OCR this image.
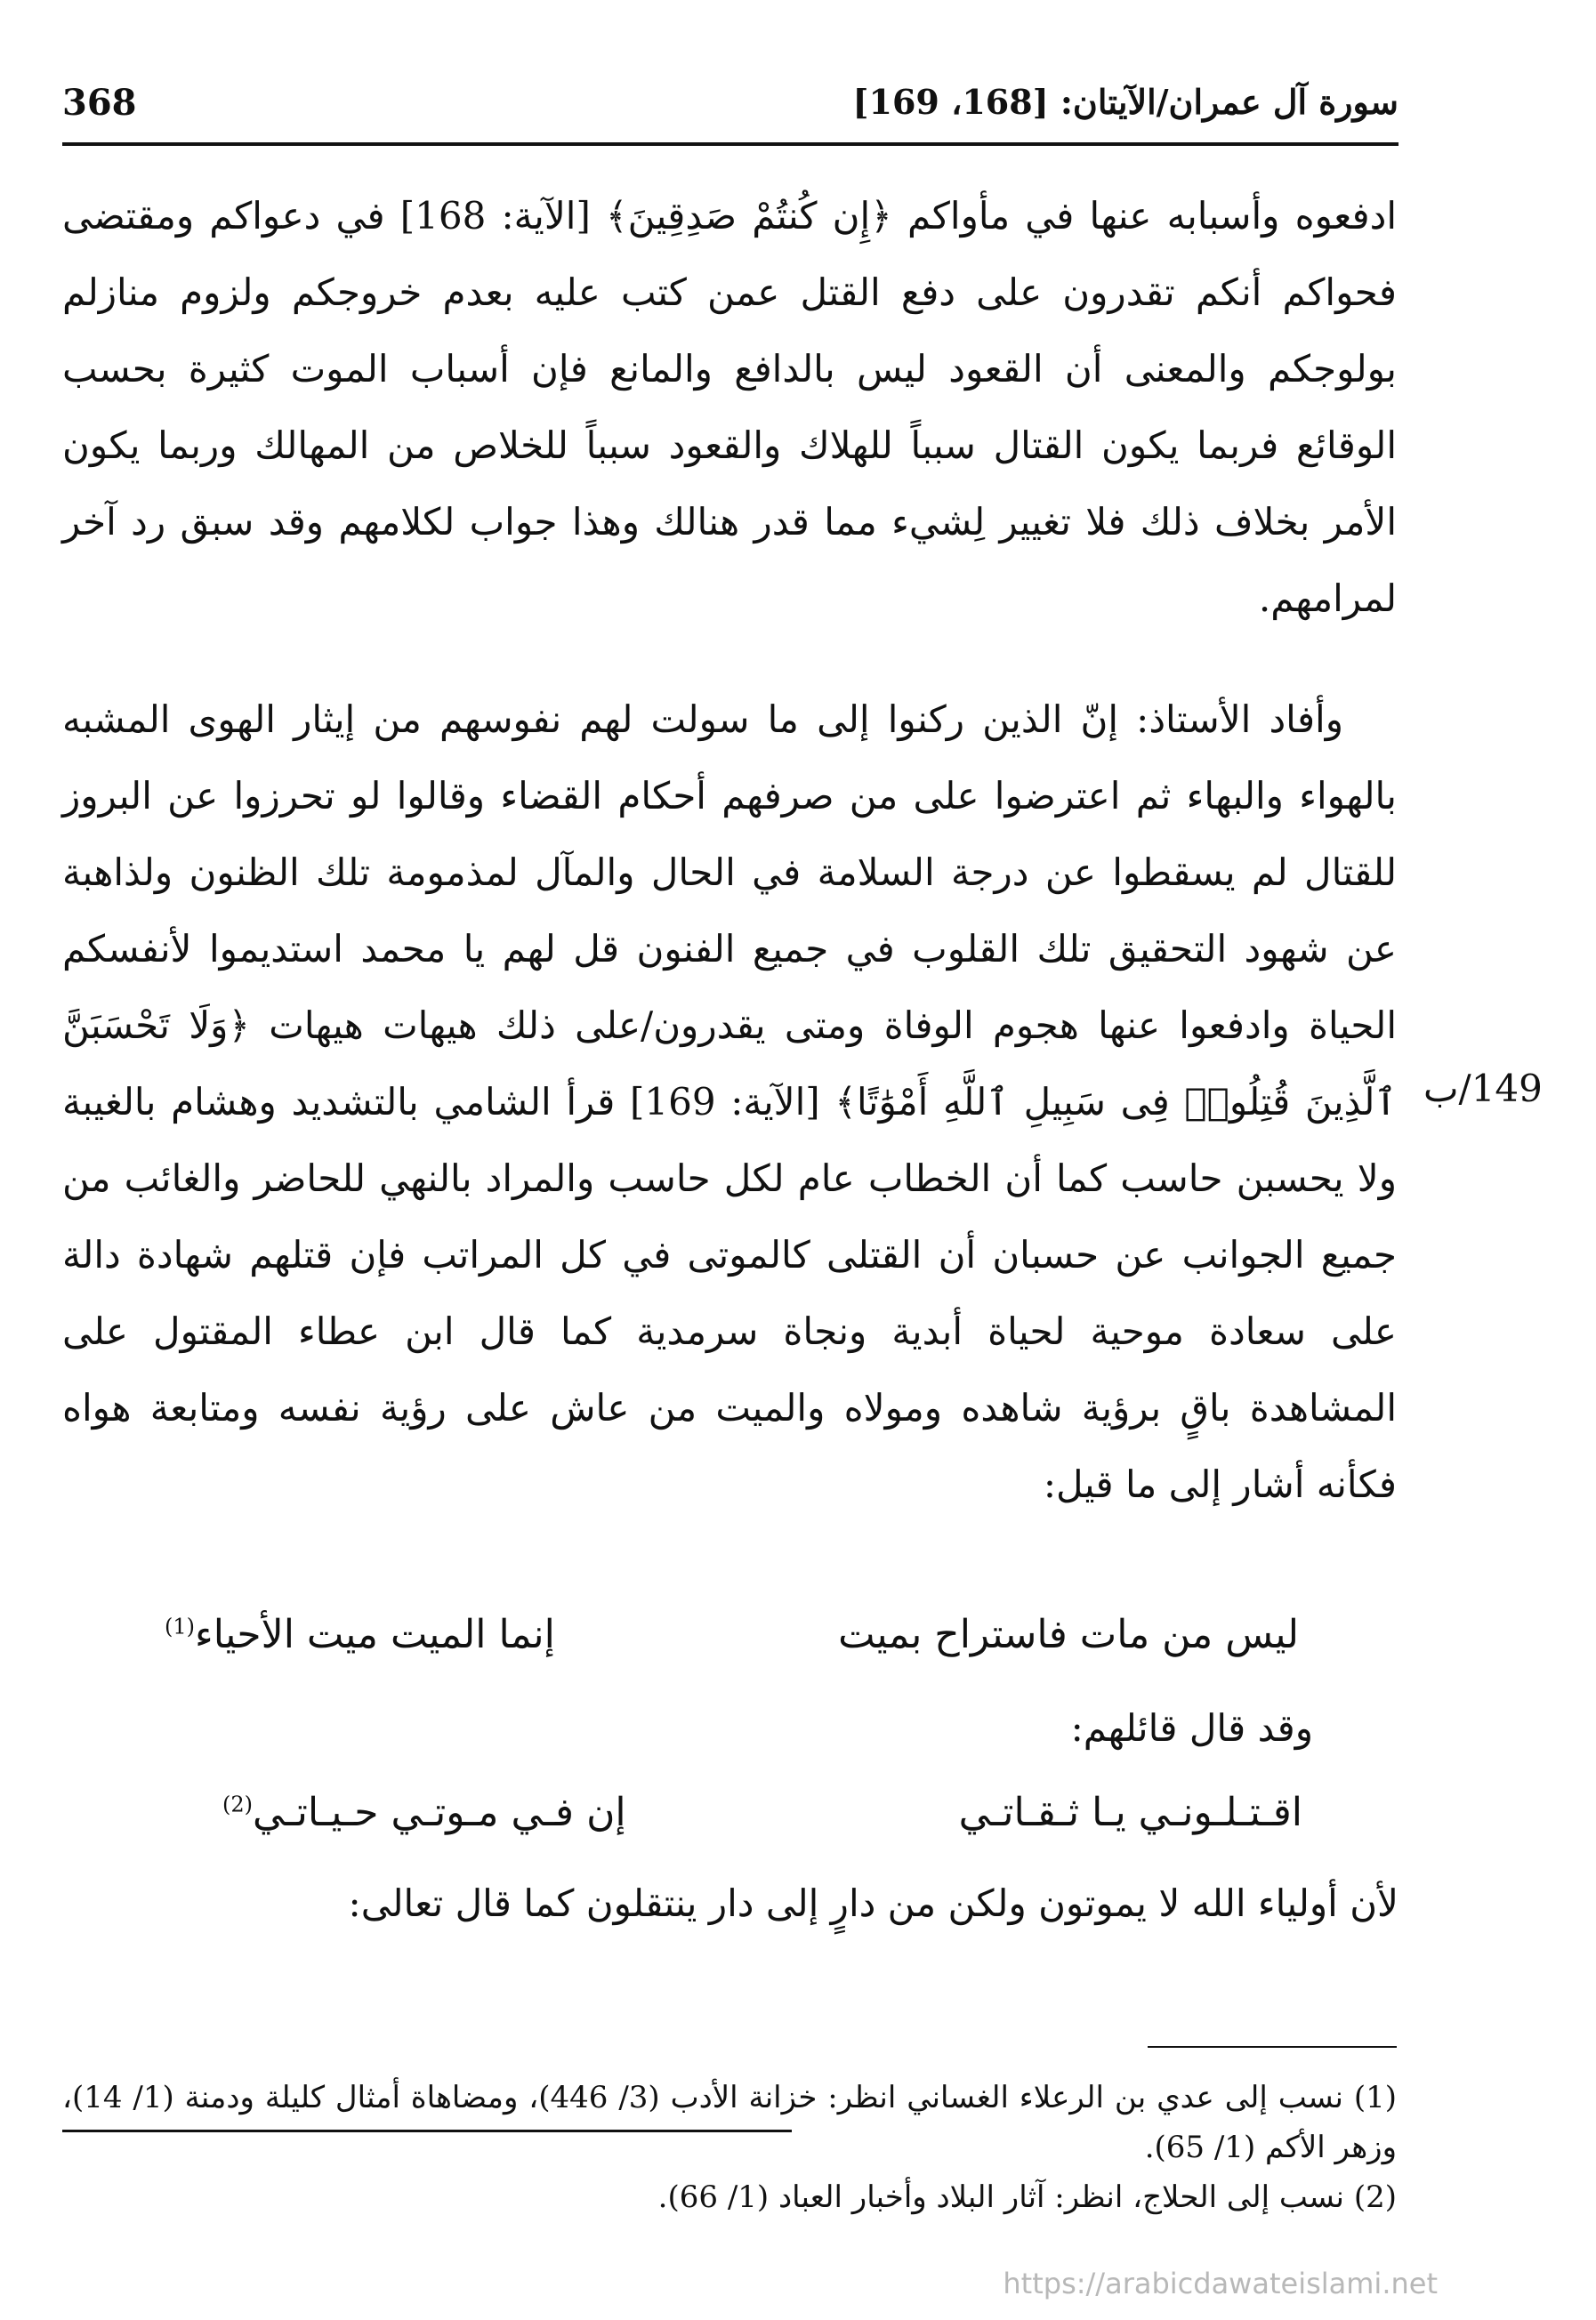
368	سورة آل عمران/الآيتان: [168، 169]
ادفعوه وأسبابه عنها في مأواكم ﴿إِن كُنتُمْ صَدِقِينَ﴾ [الآية: 168] في دعواكم ومقتضى فحواكم أنكم تقدرون على دفع القتل عمن كتب عليه بعدم خروجكم ولزوم منازلم بولوجكم والمعنى أن القعود ليس بالدافع والمانع فإن أسباب الموت كثيرة بحسب الوقائع فربما يكون القتال سبباً للهلاك والقعود سبباً للخلاص من المهالك وربما يكون الأمر بخلاف ذلك فلا تغيير لِشيء مما قدر هنالك وهذا جواب لكلامهم وقد سبق رد آخر لمرامهم.
وأفاد الأستاذ: إنّ الذين ركنوا إلى ما سولت لهم نفوسهم من إيثار الهوى المشبه بالهواء والبهاء ثم اعترضوا على من صرفهم أحكام القضاء وقالوا لو تحرزوا عن البروز للقتال لم يسقطوا عن درجة السلامة في الحال والمآل لمذمومة تلك الظنون ولذاهبة عن شهود التحقيق تلك القلوب في جميع الفنون قل لهم يا محمد استديموا لأنفسكم الحياة وادفعوا عنها هجوم الوفاة ومتى يقدرون/على ذلك هيهات هيهات ﴿وَلَا تَحْسَبَنَّ ٱلَّذِينَ قُتِلُوا۟ فِى سَبِيلِ ٱللَّهِ أَمْوَٰتًا﴾ [الآية: 169] قرأ الشامي بالتشديد وهشام بالغيبة ولا يحسبن حاسب كما أن الخطاب عام لكل حاسب والمراد بالنهي للحاضر والغائب من جميع الجوانب عن حسبان أن القتلى كالموتى في كل المراتب فإن قتلهم شهادة دالة على سعادة موحية لحياة أبدية ونجاة سرمدية كما قال ابن عطاء المقتول على المشاهدة باقٍ برؤية شاهده ومولاه والميت من عاش على رؤية نفسه ومتابعة هواه فكأنه أشار إلى ما قيل:
149/ب
ليس من مات فاستراح بميت
إنما الميت ميت الأحياء$^{(1)}$
وقد قال قائلهم:
اقـتـلـونـي يـا ثـقـاتـي
إن فـي مـوتـي حـيـاتـي$^{(2)}$
لأن أولياء الله لا يموتون ولكن من دارٍ إلى دار ينتقلون كما قال تعالى:

(1) نسب إلى عدي بن الرعلاء الغساني انظر: خزانة الأدب (3/ 446)، ومضاهاة أمثال كليلة ودمنة (1/ 14)، وزهر الأكم (1/ 65).

(2) نسب إلى الحلاج، انظر: آثار البلاد وأخبار العباد (1/ 66).

https://arabicdawateislami.net
